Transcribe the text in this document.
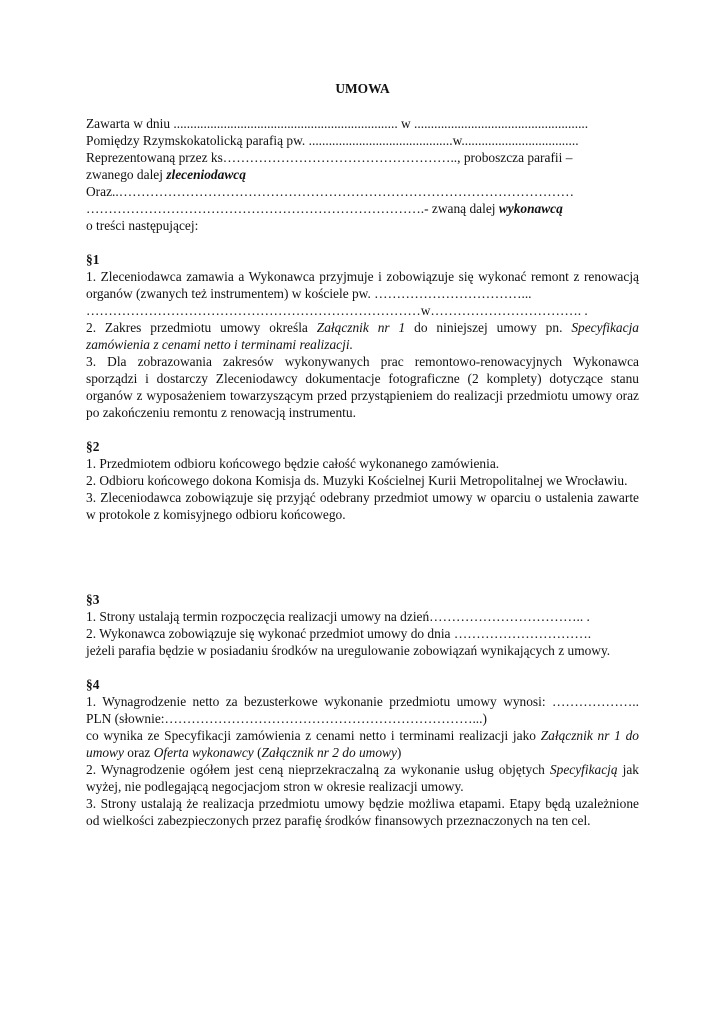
UMOWA
Zawarta w dniu ................................................................... w ....................................................
Pomiędzy Rzymskokatolicką parafią pw. ...........................................w...................................
Reprezentowaną przez ks…………………………………………….., proboszcza parafii –
zwanego dalej zleceniodawcą
Oraz..…………………………………………………………………………………………
………………………………………………………………….- zwaną dalej wykonawcą
o treści następującej:
§1
1. Zleceniodawca zamawia a Wykonawca przyjmuje i zobowiązuje się wykonać remont z renowacją organów (zwanych też instrumentem) w kościele pw. ……………………………...
…………………………………………………………………w……………………………. .
2. Zakres przedmiotu umowy określa Załącznik nr 1 do niniejszej umowy pn. Specyfikacja zamówienia z cenami netto i terminami realizacji.
3. Dla zobrazowania zakresów wykonywanych prac remontowo-renowacyjnych Wykonawca sporządzi i dostarczy Zleceniodawcy dokumentacje fotograficzne (2 komplety) dotyczące stanu organów z wyposażeniem towarzyszącym przed przystąpieniem do realizacji przedmiotu umowy oraz po zakończeniu remontu z renowacją instrumentu.
§2
1. Przedmiotem odbioru końcowego będzie całość wykonanego zamówienia.
2. Odbioru końcowego dokona Komisja ds. Muzyki Kościelnej Kurii Metropolitalnej we Wrocławiu.
3. Zleceniodawca zobowiązuje się przyjąć odebrany przedmiot umowy w oparciu o ustalenia zawarte w protokole z komisyjnego odbioru końcowego.
§3
1. Strony ustalają termin rozpoczęcia realizacji umowy na dzień…………………………….. .
2. Wykonawca zobowiązuje się wykonać przedmiot umowy do dnia ………………………….
jeżeli parafia będzie w posiadaniu środków na uregulowanie zobowiązań wynikających z umowy.
§4
1. Wynagrodzenie netto za bezusterkowe wykonanie przedmiotu umowy wynosi: ……………….. PLN (słownie:……………………………………………………………...)
co wynika ze Specyfikacji zamówienia z cenami netto i terminami realizacji jako Załącznik nr 1 do umowy oraz Oferta wykonawcy (Załącznik nr 2 do umowy)
2. Wynagrodzenie ogółem jest ceną nieprzekraczalną za wykonanie usług objętych Specyfikacją jak wyżej, nie podlegającą negocjacjom stron w okresie realizacji umowy.
3. Strony ustalają że realizacja przedmiotu umowy będzie możliwa etapami. Etapy będą uzależnione od wielkości zabezpieczonych przez parafię środków finansowych przeznaczonych na ten cel.
